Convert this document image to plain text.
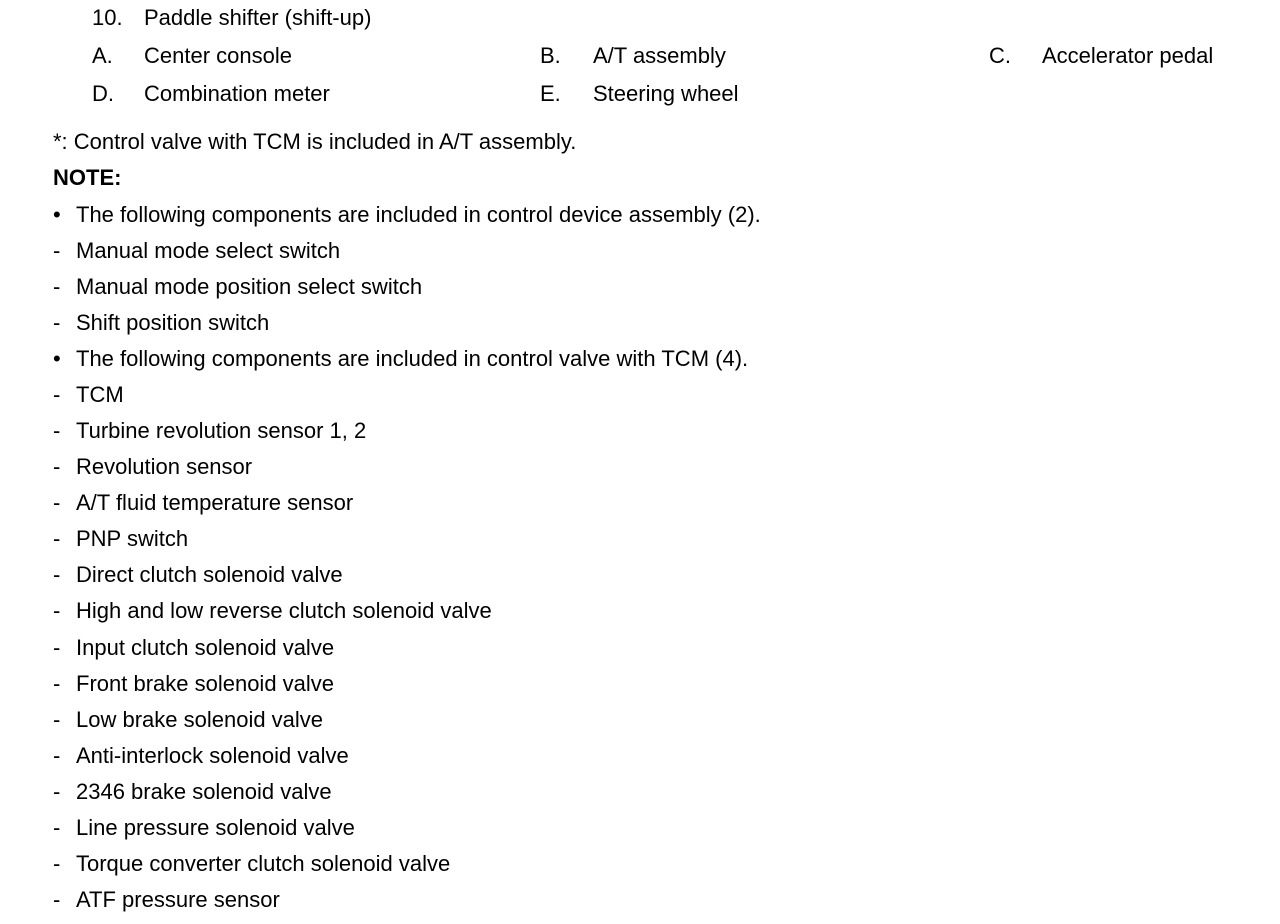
10. Paddle shifter (shift-up)
A. Center console	B. A/T assembly	C. Accelerator pedal
D. Combination meter	E. Steering wheel
*: Control valve with TCM is included in A/T assembly.
NOTE:
• The following components are included in control device assembly (2).
- Manual mode select switch
- Manual mode position select switch
- Shift position switch
• The following components are included in control valve with TCM (4).
- TCM
- Turbine revolution sensor 1, 2
- Revolution sensor
- A/T fluid temperature sensor
- PNP switch
- Direct clutch solenoid valve
- High and low reverse clutch solenoid valve
- Input clutch solenoid valve
- Front brake solenoid valve
- Low brake solenoid valve
- Anti-interlock solenoid valve
- 2346 brake solenoid valve
- Line pressure solenoid valve
- Torque converter clutch solenoid valve
- ATF pressure sensor
